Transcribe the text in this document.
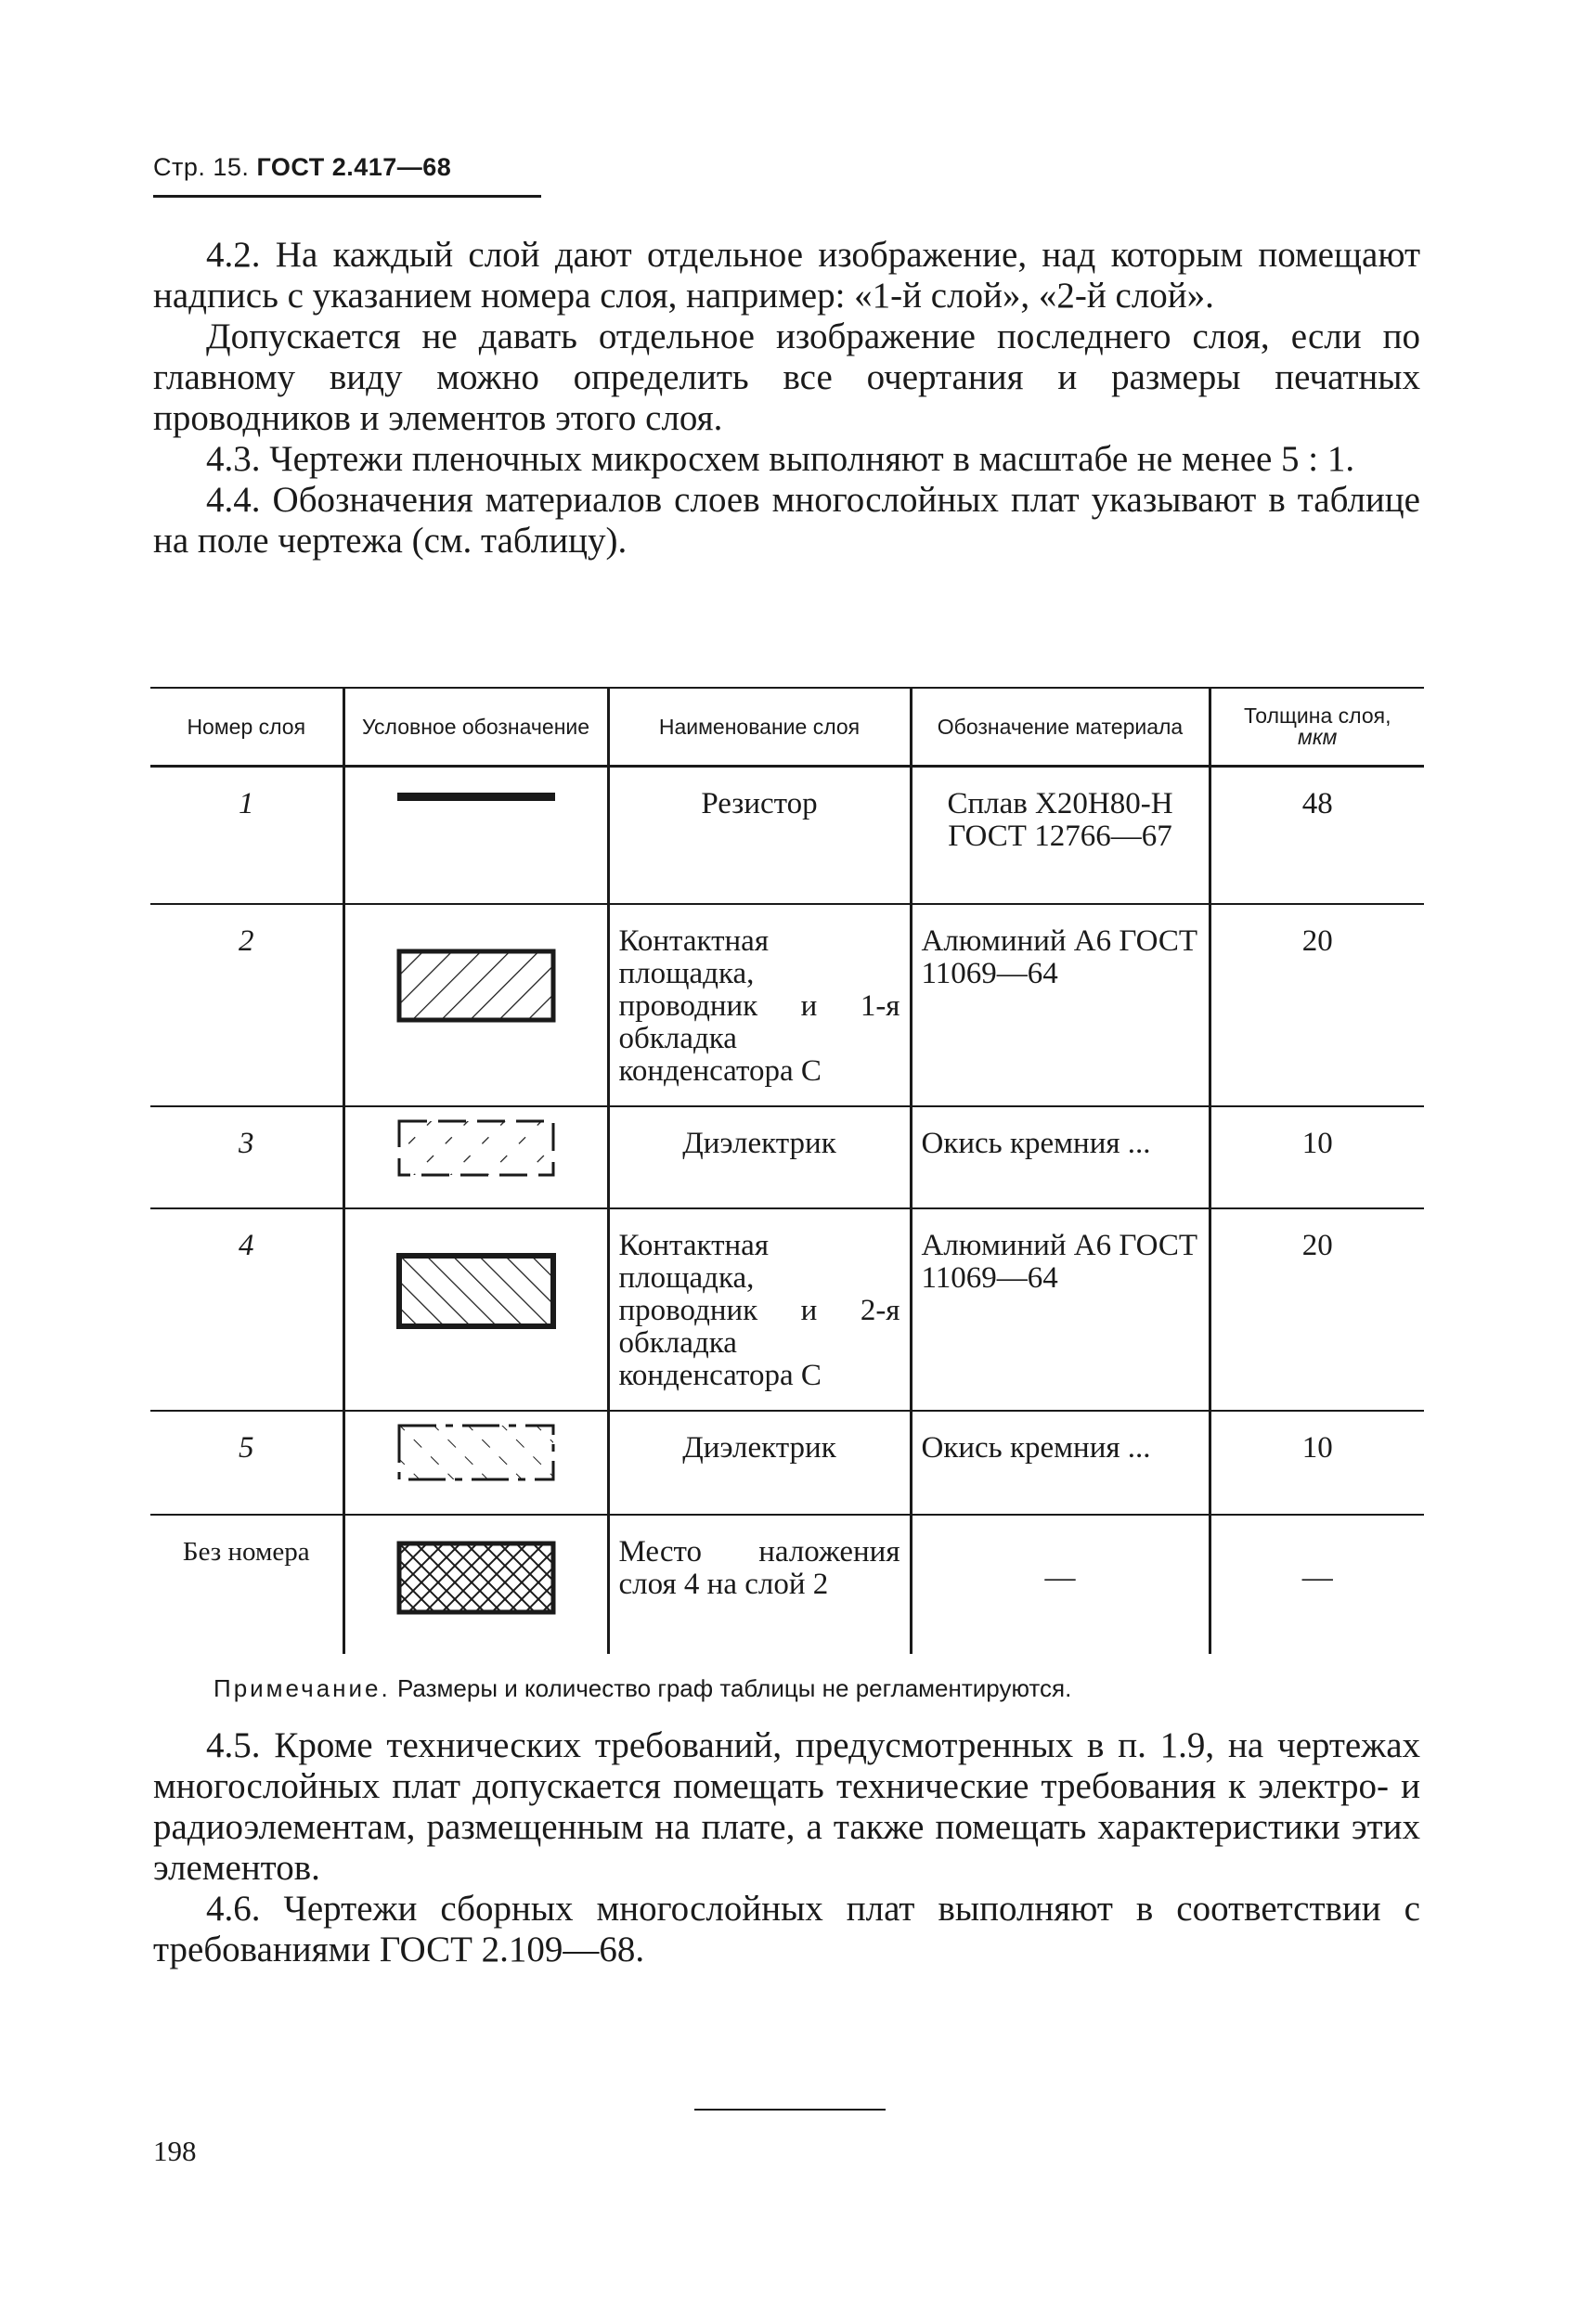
Стр. 15. ГОСТ 2.417—68

4.2. На каждый слой дают отдельное изображение, над которым помещают надпись с указанием номера слоя, например: «1-й слой», «2-й слой».

Допускается не давать отдельное изображение последнего слоя, если по главному виду можно определить все очертания и размеры печатных проводников и элементов этого слоя.

4.3. Чертежи пленочных микросхем выполняют в масштабе не менее 5 : 1.

4.4. Обозначения материалов слоев многослойных плат указывают в таблице на поле чертежа (см. таблицу).

Номер слоя	Условное обозначение	Наименование слоя	Обозначение материала	Толщина слоя,
мкм
1		Резистор	Сплав Х20Н80-Н ГОСТ 12766—67	48
2		Контактная площадка, проводник и 1-я обкладка конденсатора С	Алюминий А6 ГОСТ 11069—64	20
3		Диэлектрик	Окись кремния ...	10
4		Контактная площадка, проводник и 2-я обкладка конденсатора С	Алюминий А6 ГОСТ 11069—64	20
5		Диэлектрик	Окись кремния ...	10
Без номера		Место наложения слоя 4 на слой 2	—	—
Примечание. Размеры и количество граф таблицы не регламентируются.

4.5. Кроме технических требований, предусмотренных в п. 1.9, на чертежах многослойных плат допускается помещать технические требования к электро- и радиоэлементам, размещенным на плате, а также помещать характеристики этих элементов.

4.6. Чертежи сборных многослойных плат выполняют в соответствии с требованиями ГОСТ 2.109—68.

198
